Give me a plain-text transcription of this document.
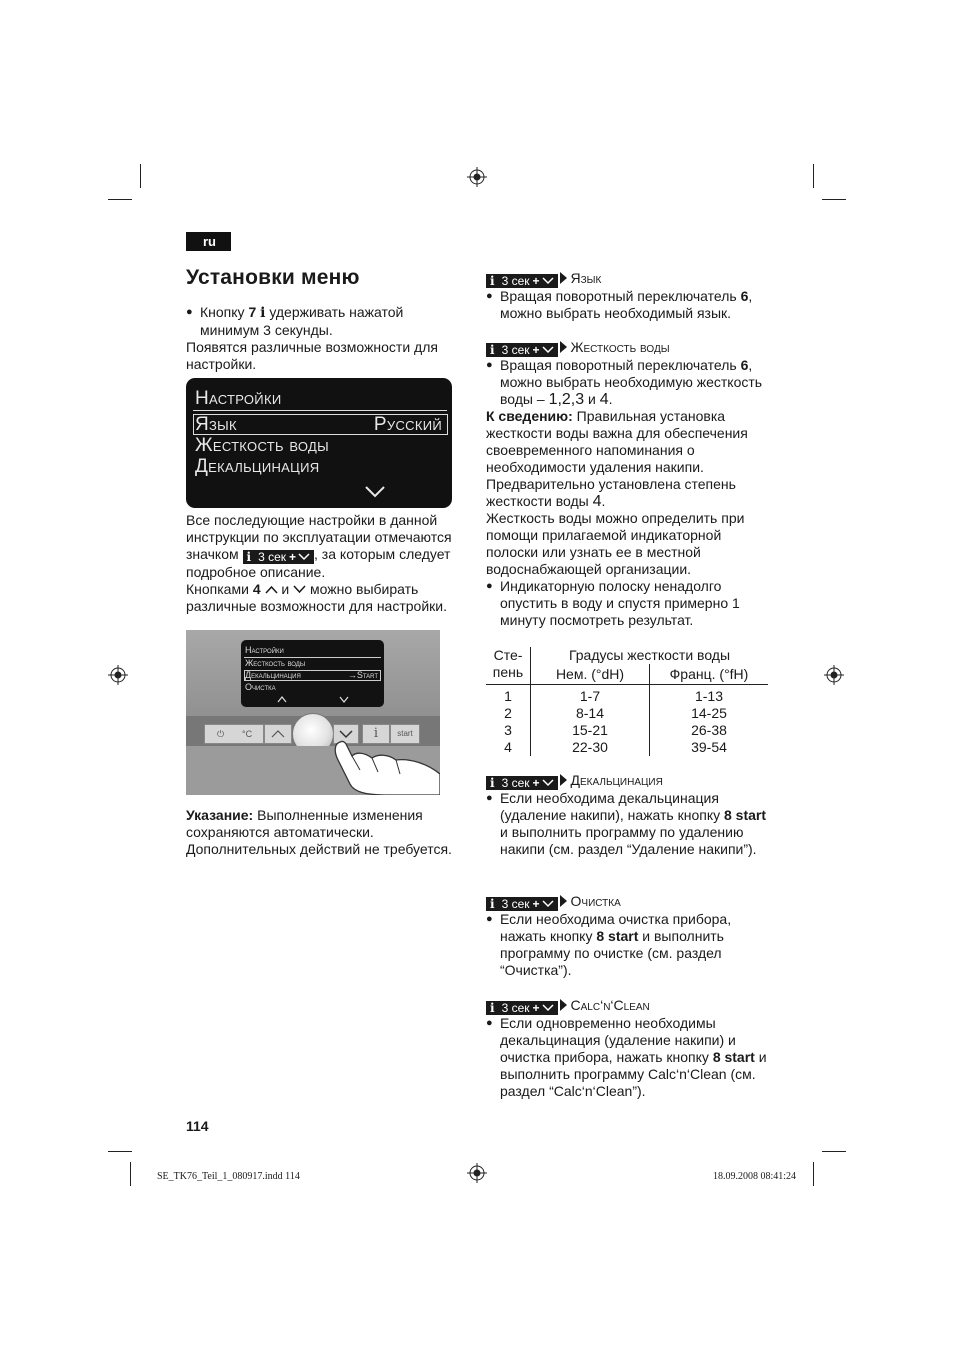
ru
Установки меню

● Кнопку 7 i удерживать нажатой минимум 3 секунды.

Появятся различные возможности для настройки.

Настройки
Язык	Русский
Жесткость воды
Декальцинация

Все последующие настройки в данной инструкции по эксплуатации отмечаются значком i 3 сек + , за которым следует подробное описание.

Кнопками 4  и  можно выбирать различные возможности для настройки.

Настройки
Жесткость воды
Декальцинация	→Start
Очистка
⏻ °C	i	start

Указание: Выполненные изменения сохраняются автоматически. Дополнительных действий не требуется.

i 3 сек + Язык

● Вращая поворотный переключатель 6, можно выбрать необходимый язык.

i 3 сек + Жесткость воды

● Вращая поворотный переключатель 6, можно выбрать необходимую жесткость воды – 1,2,3 и 4.

К сведению: Правильная установка жесткости воды важна для обеспечения своевременного напоминания о необходимости удаления накипи.

Предварительно установлена степень жесткости воды 4.

Жесткость воды можно определить при помощи прилагаемой индикаторной полоски или узнать ее в местной водоснабжающей организации.

● Индикаторную полоску ненадолго опустить в воду и спустя примерно 1 минуту посмотреть результат.

Сте-	Градусы жесткости воды	
пень	Нем. (°dH)	Франц. (°fH)

1	1-7	1-13
2	8-14	14-25
3	15-21	26-38
4	22-30	39-54
i 3 сек + Декальцинация

● Если необходима декальцинация (удаление накипи), нажать кнопку 8 start и выполнить программу по удалению накипи (см. раздел “Удаление накипи”).

i 3 сек + Очистка

● Если необходима очистка прибора, нажать кнопку 8 start и выполнить программу по очистке (см. раздел “Очистка”).

i 3 сек + Calc‘n‘Clean

● Если одновременно необходимы декальцинация (удаление накипи) и очистка прибора, нажать кнопку 8 start и выполнить программу Calc‘n‘Clean (см. раздел “Calc‘n‘Clean”).

114
SE_TK76_Teil_1_080917.indd 114	18.09.2008 08:41:24
